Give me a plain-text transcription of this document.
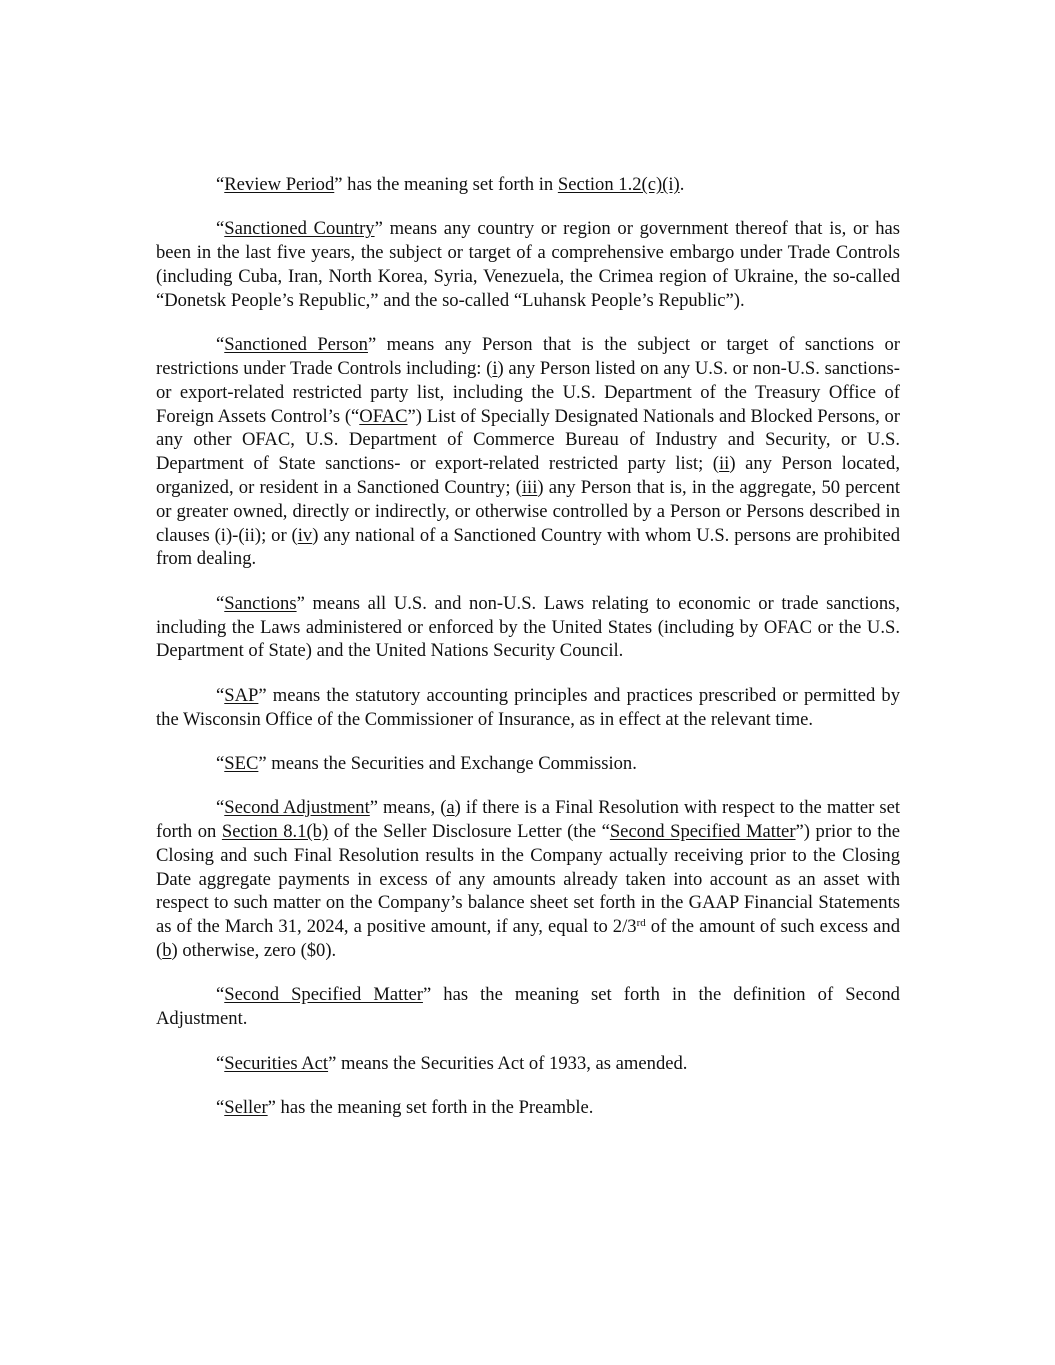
“Review Period” has the meaning set forth in Section 1.2(c)(i).

“Sanctioned Country” means any country or region or government thereof that is, or has been in the last five years, the subject or target of a comprehensive embargo under Trade Controls (including Cuba, Iran, North Korea, Syria, Venezuela, the Crimea region of Ukraine, the so-called “Donetsk People’s Republic,” and the so-called “Luhansk People’s Republic”).

“Sanctioned Person” means any Person that is the subject or target of sanctions or restrictions under Trade Controls including: (i) any Person listed on any U.S. or non-U.S. sanctions- or export-related restricted party list, including the U.S. Department of the Treasury Office of Foreign Assets Control’s (“OFAC”) List of Specially Designated Nationals and Blocked Persons, or any other OFAC, U.S. Department of Commerce Bureau of Industry and Security, or U.S. Department of State sanctions- or export-related restricted party list; (ii) any Person located, organized, or resident in a Sanctioned Country; (iii) any Person that is, in the aggregate, 50 percent or greater owned, directly or indirectly, or otherwise controlled by a Person or Persons described in clauses (i)-(ii); or (iv) any national of a Sanctioned Country with whom U.S. persons are prohibited from dealing.

“Sanctions” means all U.S. and non-U.S. Laws relating to economic or trade sanctions, including the Laws administered or enforced by the United States (including by OFAC or the U.S. Department of State) and the United Nations Security Council.

“SAP” means the statutory accounting principles and practices prescribed or permitted by the Wisconsin Office of the Commissioner of Insurance, as in effect at the relevant time.

“SEC” means the Securities and Exchange Commission.

“Second Adjustment” means, (a) if there is a Final Resolution with respect to the matter set forth on Section 8.1(b) of the Seller Disclosure Letter (the “Second Specified Matter”) prior to the Closing and such Final Resolution results in the Company actually receiving prior to the Closing Date aggregate payments in excess of any amounts already taken into account as an asset with respect to such matter on the Company’s balance sheet set forth in the GAAP Financial Statements as of the March 31, 2024, a positive amount, if any, equal to 2/3rd of the amount of such excess and (b) otherwise, zero ($0).

“Second Specified Matter” has the meaning set forth in the definition of Second Adjustment.

“Securities Act” means the Securities Act of 1933, as amended.

“Seller” has the meaning set forth in the Preamble.
